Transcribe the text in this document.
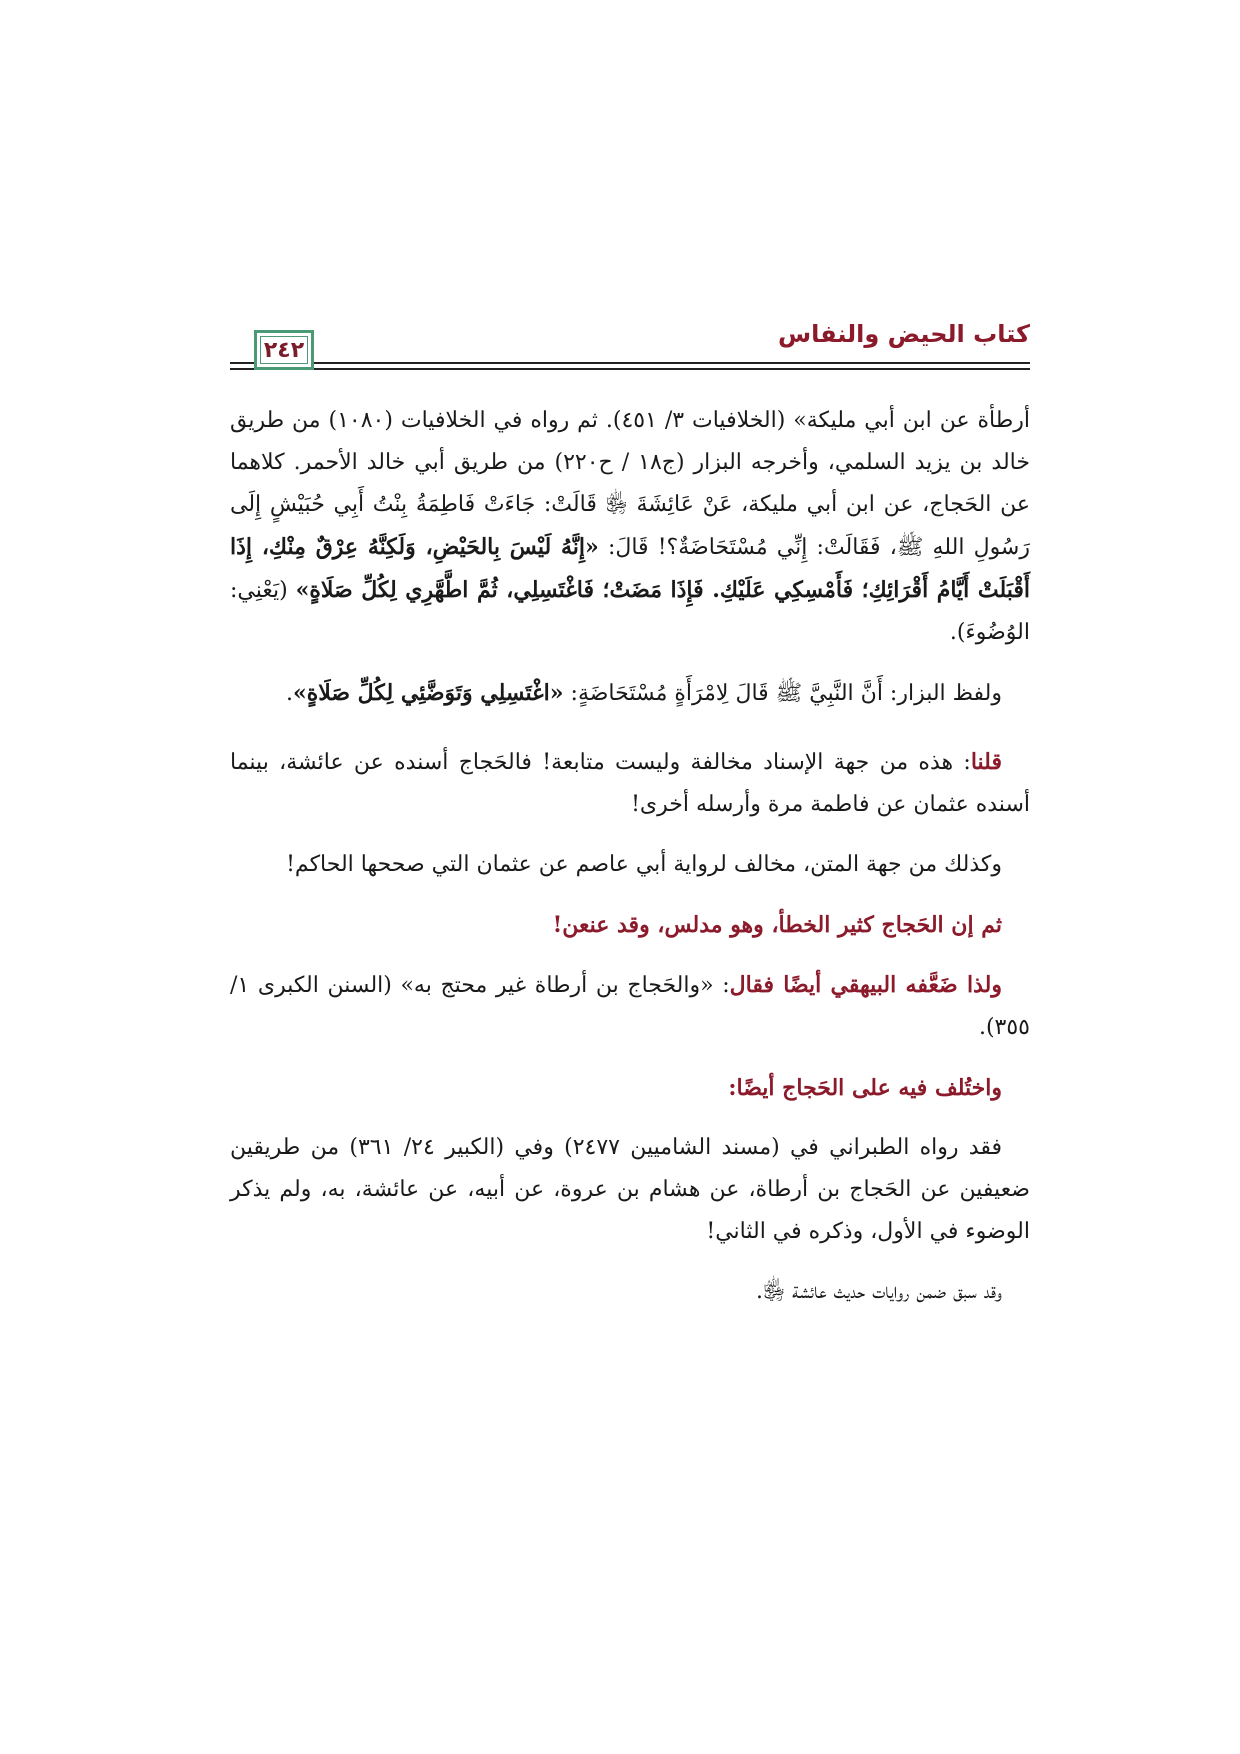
٢٤٢
كتاب الحيض والنفاس

أرطأة عن ابن أبي مليكة» (الخلافيات ٣/ ٤٥١). ثم رواه في الخلافيات (١٠٨٠) من طريق خالد بن يزيد السلمي، وأخرجه البزار (ج١٨ / ح٢٢٠) من طريق أبي خالد الأحمر. كلاهما عن الحَجاج، عن ابن أبي مليكة، عَنْ عَائِشَةَ ﵂ قَالَتْ: جَاءَتْ فَاطِمَةُ بِنْتُ أَبِي حُبَيْشٍ إِلَى رَسُولِ اللهِ ﷺ، فَقَالَتْ: إِنِّي مُسْتَحَاضَةٌ؟! قَالَ: «إِنَّهُ لَيْسَ بِالحَيْضِ، وَلَكِنَّهُ عِرْقٌ مِنْكِ، إِذَا أَقْبَلَتْ أَيَّامُ أَقْرَائِكِ؛ فَأَمْسِكِي عَلَيْكِ. فَإِذَا مَضَتْ؛ فَاغْتَسِلِي، ثُمَّ اطَّهَّرِي لِكُلِّ صَلَاةٍ» (يَعْنِي: الوُضُوءَ).

ولفظ البزار: أَنَّ النَّبِيَّ ﷺ قَالَ لِامْرَأَةٍ مُسْتَحَاضَةٍ: «اغْتَسِلِي وَتَوَضَّئِي لِكُلِّ صَلَاةٍ».

قلنا: هذه من جهة الإسناد مخالفة وليست متابعة! فالحَجاج أسنده عن عائشة، بينما أسنده عثمان عن فاطمة مرة وأرسله أخرى!

وكذلك من جهة المتن، مخالف لرواية أبي عاصم عن عثمان التي صححها الحاكم!

ثم إن الحَجاج كثير الخطأ، وهو مدلس، وقد عنعن!

ولذا ضَعَّفه البيهقي أيضًا فقال: «والحَجاج بن أرطاة غير محتج به» (السنن الكبرى ١/ ٣٥٥).

واختُلف فيه على الحَجاج أيضًا:

فقد رواه الطبراني في (مسند الشاميين ٢٤٧٧) وفي (الكبير ٢٤/ ٣٦١) من طريقين ضعيفين عن الحَجاج بن أرطاة، عن هشام بن عروة، عن أبيه، عن عائشة، به، ولم يذكر الوضوء في الأول، وذكره في الثاني!

وقد سبق ضمن روايات حديث عائشة ﵂.
